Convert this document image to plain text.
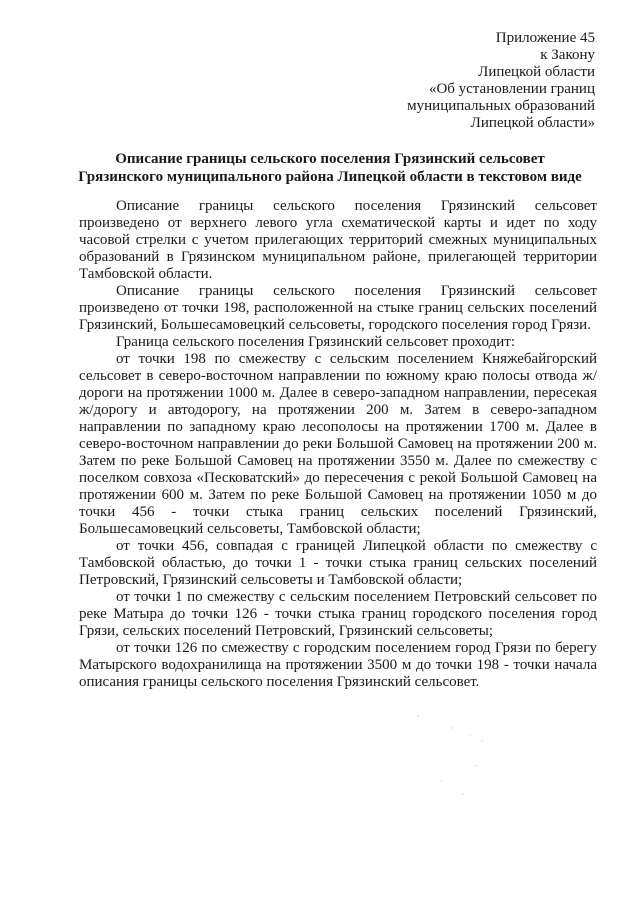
Приложение 45
к Закону
Липецкой области
«Об установлении границ
муниципальных образований
Липецкой области»
Описание границы сельского поселения Грязинский сельсовет
Грязинского муниципального района Липецкой области в текстовом виде

Описание границы сельского поселения Грязинский сельсовет произведено от верхнего левого угла схематической карты и идет по ходу часовой стрелки с учетом прилегающих территорий смежных муниципальных образований в Грязинском муниципальном районе, прилегающей территории Тамбовской области.

Описание границы сельского поселения Грязинский сельсовет произведено от точки 198, расположенной на стыке границ сельских поселений Грязинский, Большесамовецкий сельсоветы, городского поселения город Грязи.

Граница сельского поселения Грязинский сельсовет проходит:

от точки 198 по смежеству с сельским поселением Княжебайгорский сельсовет в северо-восточном направлении по южному краю полосы отвода ж/дороги на протяжении 1000 м. Далее в северо-западном направлении, пересекая ж/дорогу и автодорогу, на протяжении 200 м. Затем в северо-западном направлении по западному краю лесополосы на протяжении 1700 м. Далее в северо-восточном направлении до реки Большой Самовец на протяжении 200 м. Затем по реке Большой Самовец на протяжении 3550 м. Далее по смежеству с поселком совхоза «Песковатский» до пересечения с рекой Большой Самовец на протяжении 600 м. Затем по реке Большой Самовец на протяжении 1050 м до точки 456 - точки стыка границ сельских поселений Грязинский, Большесамовецкий сельсоветы, Тамбовской области;

от точки 456, совпадая с границей Липецкой области по смежеству с Тамбовской областью, до точки 1 - точки стыка границ сельских поселений Петровский, Грязинский сельсоветы и Тамбовской области;

от точки 1 по смежеству с сельским поселением Петровский сельсовет по реке Матыра до точки 126 - точки стыка границ городского поселения город Грязи, сельских поселений Петровский, Грязинский сельсоветы;

от точки 126 по смежеству с городским поселением город Грязи по берегу Матырского водохранилища на протяжении 3500 м до точки 198 - точки начала описания границы сельского поселения Грязинский сельсовет.
